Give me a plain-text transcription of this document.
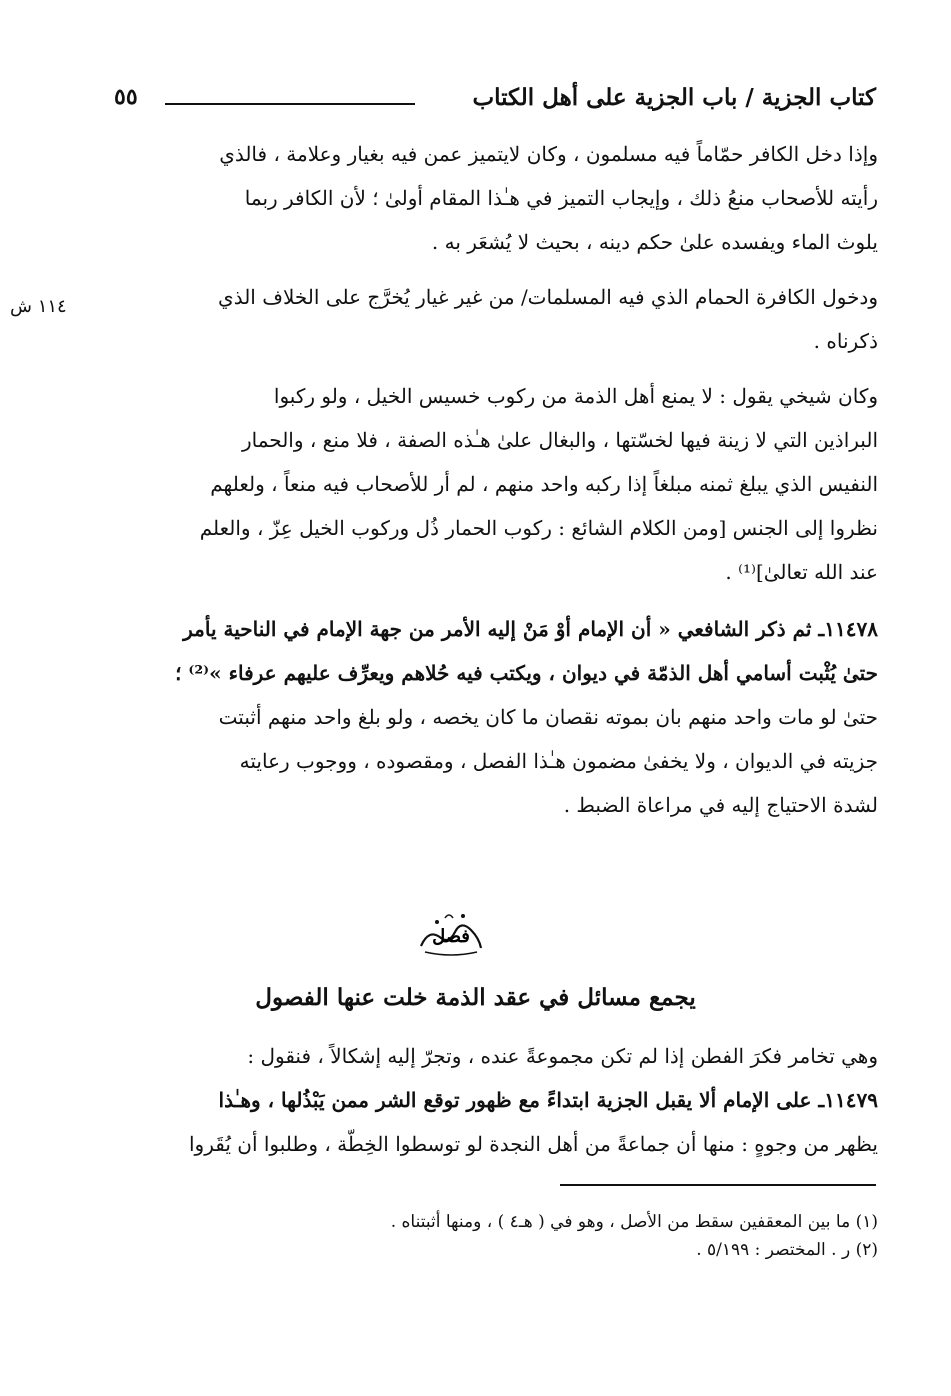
كتاب الجزية / باب الجزية على أهل الكتاب
٥٥
١١٤ ش

وإذا دخل الكافر حمّاماً فيه مسلمون ، وكان لايتميز عمن فيه بغيار وعلامة ، فالذي
رأيته للأصحاب منعُ ذلك ، وإيجاب التميز في هـٰذا المقام أولىٰ ؛ لأن الكافر ربما
يلوث الماء ويفسده علىٰ حكم دينه ، بحيث لا يُشعَر به .

ودخول الكافرة الحمام الذي فيه المسلمات/ من غير غيار يُخرَّج على الخلاف الذي
ذكرناه .

وكان شيخي يقول : لا يمنع أهل الذمة من ركوب خسيس الخيل ، ولو ركبوا
البراذين التي لا زينة فيها لخسّتها ، والبغال علىٰ هـٰذه الصفة ، فلا منع ، والحمار
النفيس الذي يبلغ ثمنه مبلغاً إذا ركبه واحد منهم ، لم أر للأصحاب فيه منعاً ، ولعلهم
نظروا إلى الجنس [ومن الكلام الشائع : ركوب الحمار ذُل وركوب الخيل عِزّ ، والعلم
عند الله تعالىٰ]⁽¹⁾ .

١١٤٧٨ـ ثم ذكر الشافعي « أن الإمام أوْ مَنْ إليه الأمر من جهة الإمام في الناحية يأمر
حتىٰ يُثْبت أسامي أهل الذمّة في ديوان ، ويكتب فيه حُلاهم ويعرِّف عليهم عرفاء »⁽²⁾ ؛
حتىٰ لو مات واحد منهم بان بموته نقصان ما كان يخصه ، ولو بلغ واحد منهم أثبتت
جزيته في الديوان ، ولا يخفىٰ مضمون هـٰذا الفصل ، ومقصوده ، ووجوب رعايته
لشدة الاحتياج إليه في مراعاة الضبط .

فصل
يجمع مسائل في عقد الذمة خلت عنها الفصول
وهي تخامر فكرَ الفطن إذا لم تكن مجموعةً عنده ، وتجرّ إليه إشكالاً ، فنقول :
١١٤٧٩ـ على الإمام ألا يقبل الجزية ابتداءً مع ظهور توقع الشر ممن يَبْذُلها ، وهـٰذا
يظهر من وجوهٍ : منها أن جماعةً من أهل النجدة لو توسطوا الخِطّة ، وطلبوا أن يُقَروا
(١) ما بين المعقفين سقط من الأصل ، وهو في ( هـ٤ ) ، ومنها أثبتناه .
(٢) ر . المختصر : ٥/١٩٩ .
